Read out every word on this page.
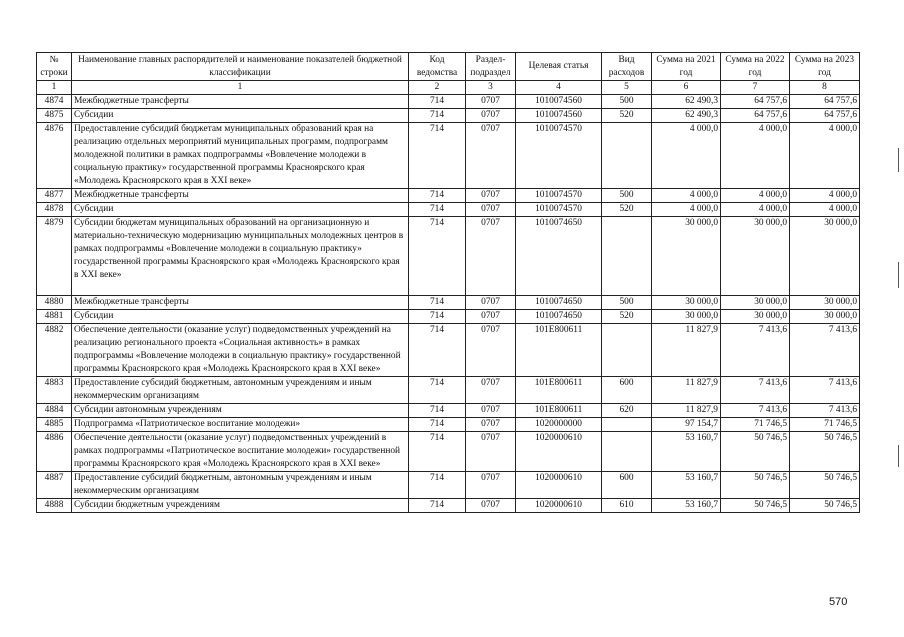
№ строки	Наименование главных распорядителей и наименование показателей бюджетной классификации	Код ведомства	Раздел-подраздел	Целевая статья	Вид расходов	Сумма на 2021 год	Сумма на 2022 год	Сумма на 2023 год
1	1	2	3	4	5	6	7	8
4874	Межбюджетные трансферты	714	0707	1010074560	500	62 490,3	64 757,6	64 757,6
4875	Субсидии	714	0707	1010074560	520	62 490,3	64 757,6	64 757,6
4876	Предоставление субсидий бюджетам муниципальных образований края на реализацию отдельных мероприятий муниципальных программ, подпрограмм молодежной политики в рамках подпрограммы «Вовлечение молодежи в социальную практику» государственной программы Красноярского края «Молодежь Красноярского края в XXI веке»	714	0707	1010074570		4 000,0	4 000,0	4 000,0
4877	Межбюджетные трансферты	714	0707	1010074570	500	4 000,0	4 000,0	4 000,0
4878	Субсидии	714	0707	1010074570	520	4 000,0	4 000,0	4 000,0
4879	Субсидии бюджетам муниципальных образований на организационную и материально-техническую модернизацию муниципальных молодежных центров в рамках подпрограммы «Вовлечение молодежи в социальную практику» государственной программы Красноярского края «Молодежь Красноярского края в XXI веке»	714	0707	1010074650		30 000,0	30 000,0	30 000,0
4880	Межбюджетные трансферты	714	0707	1010074650	500	30 000,0	30 000,0	30 000,0
4881	Субсидии	714	0707	1010074650	520	30 000,0	30 000,0	30 000,0
4882	Обеспечение деятельности (оказание услуг) подведомственных учреждений на реализацию регионального проекта «Социальная активность» в рамках подпрограммы «Вовлечение молодежи в социальную практику» государственной программы Красноярского края «Молодежь Красноярского края в XXI веке»	714	0707	101E800611		11 827,9	7 413,6	7 413,6
4883	Предоставление субсидий бюджетным, автономным учреждениям и иным некоммерческим организациям	714	0707	101E800611	600	11 827,9	7 413,6	7 413,6
4884	Субсидии автономным учреждениям	714	0707	101E800611	620	11 827,9	7 413,6	7 413,6
4885	Подпрограмма «Патриотическое воспитание молодежи»	714	0707	1020000000		97 154,7	71 746,5	71 746,5
4886	Обеспечение деятельности (оказание услуг) подведомственных учреждений в рамках подпрограммы «Патриотическое воспитание молодежи» государственной программы Красноярского края «Молодежь Красноярского края в XXI веке»	714	0707	1020000610		53 160,7	50 746,5	50 746,5
4887	Предоставление субсидий бюджетным, автономным учреждениям и иным некоммерческим организациям	714	0707	1020000610	600	53 160,7	50 746,5	50 746,5
4888	Субсидии бюджетным учреждениям	714	0707	1020000610	610	53 160,7	50 746,5	50 746,5
570
